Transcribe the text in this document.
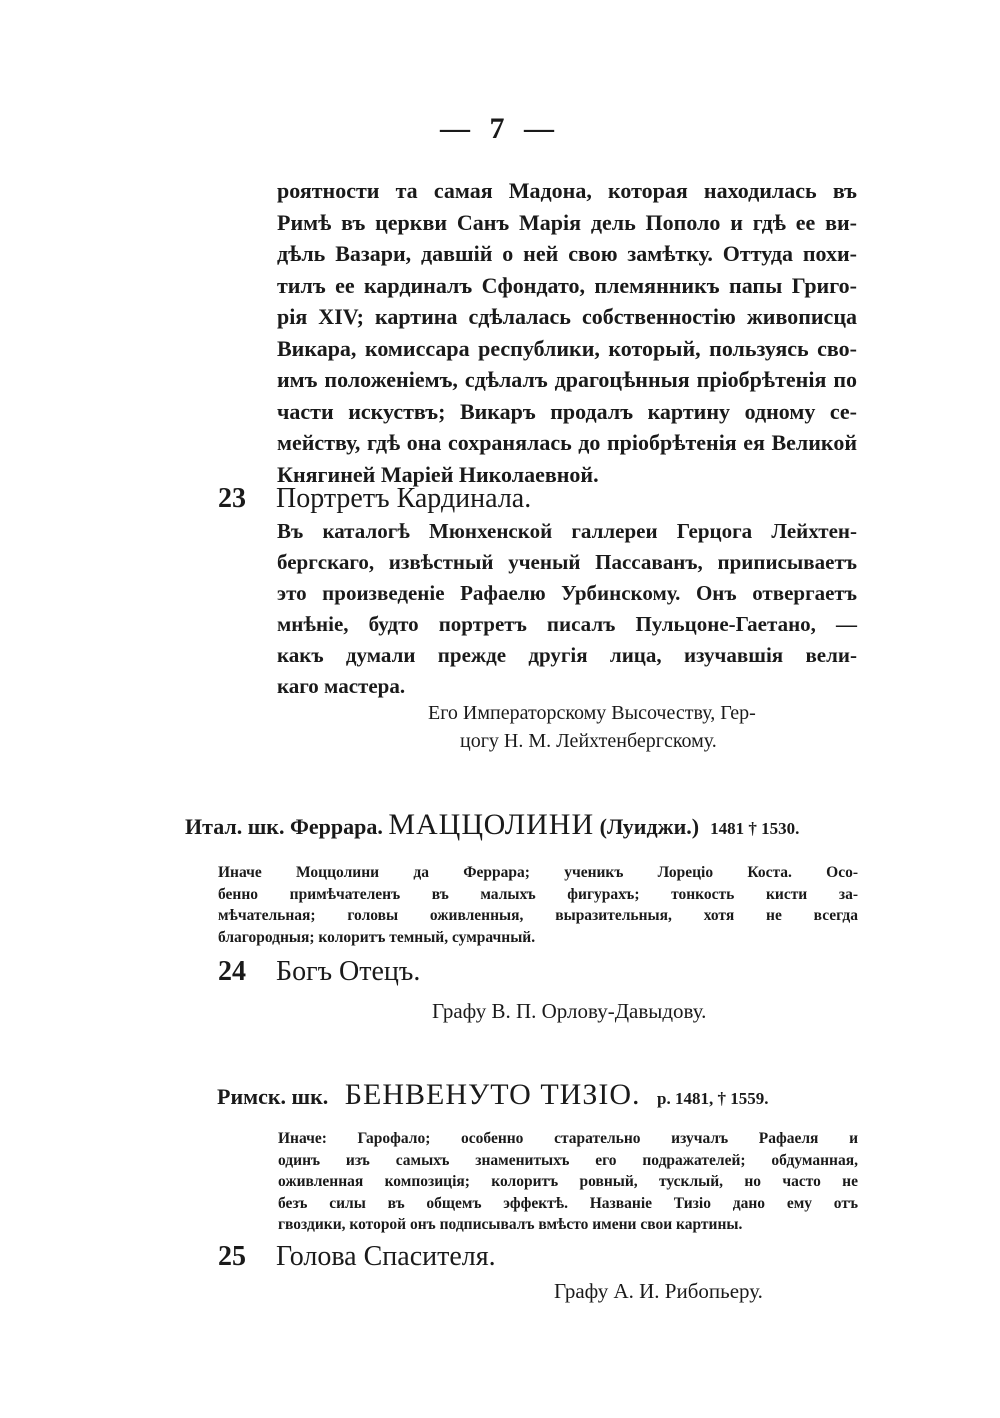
— 7 —
роятности та самая Мадона, которая находилась въ
Римѣ въ церкви Санъ Марія дель Пополо и гдѣ ее ви-
дѣль Вазари, давшій о ней свою замѣтку. Оттуда похи-
тилъ ее кардиналъ Сфондато, племянникъ папы Григо-
рія XIV; картина сдѣлалась собственностію живописца
Викара, комиссара республики, который, пользуясь сво-
имъ положеніемъ, сдѣлалъ драгоцѣнныя пріобрѣтенія по
части искуствъ; Викаръ продалъ картину одному се-
мейству, гдѣ она сохранялась до пріобрѣтенія ея Великой
Княгиней Маріей Николаевной.
23 Портретъ Кардинала.
Въ каталогѣ Мюнхенской галлереи Герцога Лейхтен-
бергскаго, извѣстный ученый Пассаванъ, приписываетъ
это произведеніе Рафаелю Урбинскому. Онъ отвергаетъ
мнѣніе, будто портретъ писалъ Пульцоне-Гаетано, —
какъ думали прежде другія лица, изучавшія вели-
каго мастера.
Его Императорскому Высочеству, Гер-
цогу Н. М. Лейхтенбергскому.
Итал. шк. Феррара. МАЦЦОЛИНИ (Луиджи.) 1481 † 1530.
Иначе Моццолини да Феррара; ученикъ Лорецiо Коста. Осо-
бенно примѣчателенъ въ малыхъ фигурахъ; тонкость кисти за-
мѣчательная; головы оживленныя, выразительныя, хотя не всегда
благородныя; колоритъ темный, сумрачный.
24 Богъ Отецъ.
Графу В. П. Орлову-Давыдову.
Римск. шк. БЕНВЕНУТО ТИЗІО. р. 1481, † 1559.
Иначе: Гарофало; особенно старательно изучалъ Рафаеля и
одинъ изъ самыхъ знаменитыхъ его подражателей; обдуманная,
оживленная композиція; колоритъ ровный, тусклый, но часто не
безъ силы въ общемъ эффектѣ. Названіе Тизіо дано ему отъ
гвоздики, которой онъ подписывалъ вмѣсто имени свои картины.
25 Голова Спасителя.
Графу А. И. Рибопьеру.
